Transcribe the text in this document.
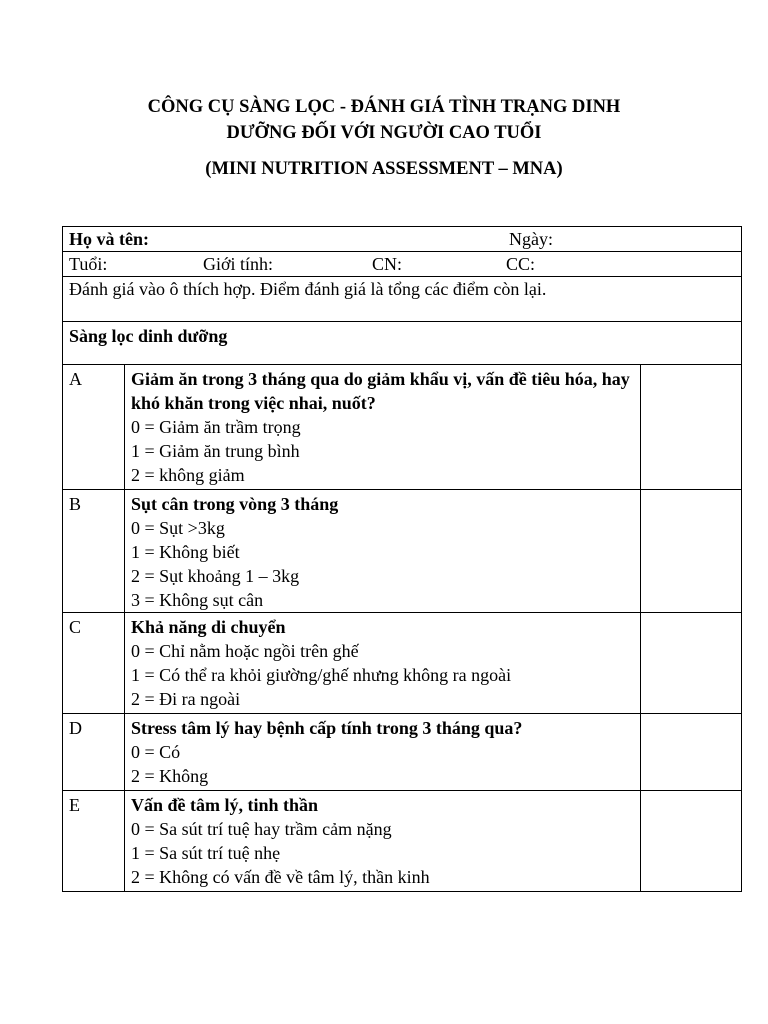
CÔNG CỤ SÀNG LỌC - ĐÁNH GIÁ TÌNH TRẠNG DINH
DƯỠNG ĐỐI VỚI NGƯỜI CAO TUỔI
(MINI NUTRITION ASSESSMENT – MNA)
Họ và tên: Ngày:		

Tuổi: Giới tính: CN: CC:		

Đánh giá vào ô thích hợp. Điểm đánh giá là tổng các điểm còn lại.		
Sàng lọc dinh dưỡng		
A	Giảm ăn trong 3 tháng qua do giảm khẩu vị, vấn đề tiêu hóa, hay khó khăn trong việc nhai, nuốt?
0 = Giảm ăn trầm trọng
1 = Giảm ăn trung bình
2 = không giảm	

B	Sụt cân trong vòng 3 tháng
0 = Sụt >3kg
1 = Không biết
2 = Sụt khoảng 1 – 3kg
3 = Không sụt cân	

C	Khả năng di chuyển
0 = Chỉ nằm hoặc ngồi trên ghế
1 = Có thể ra khỏi giường/ghế nhưng không ra ngoài
2 = Đi ra ngoài	

D	Stress tâm lý hay bệnh cấp tính trong 3 tháng qua?
0 = Có
2 = Không	

E	Vấn đề tâm lý, tinh thần
0 = Sa sút trí tuệ hay trầm cảm nặng
1 = Sa sút trí tuệ nhẹ
2 = Không có vấn đề về tâm lý, thần kinh	
